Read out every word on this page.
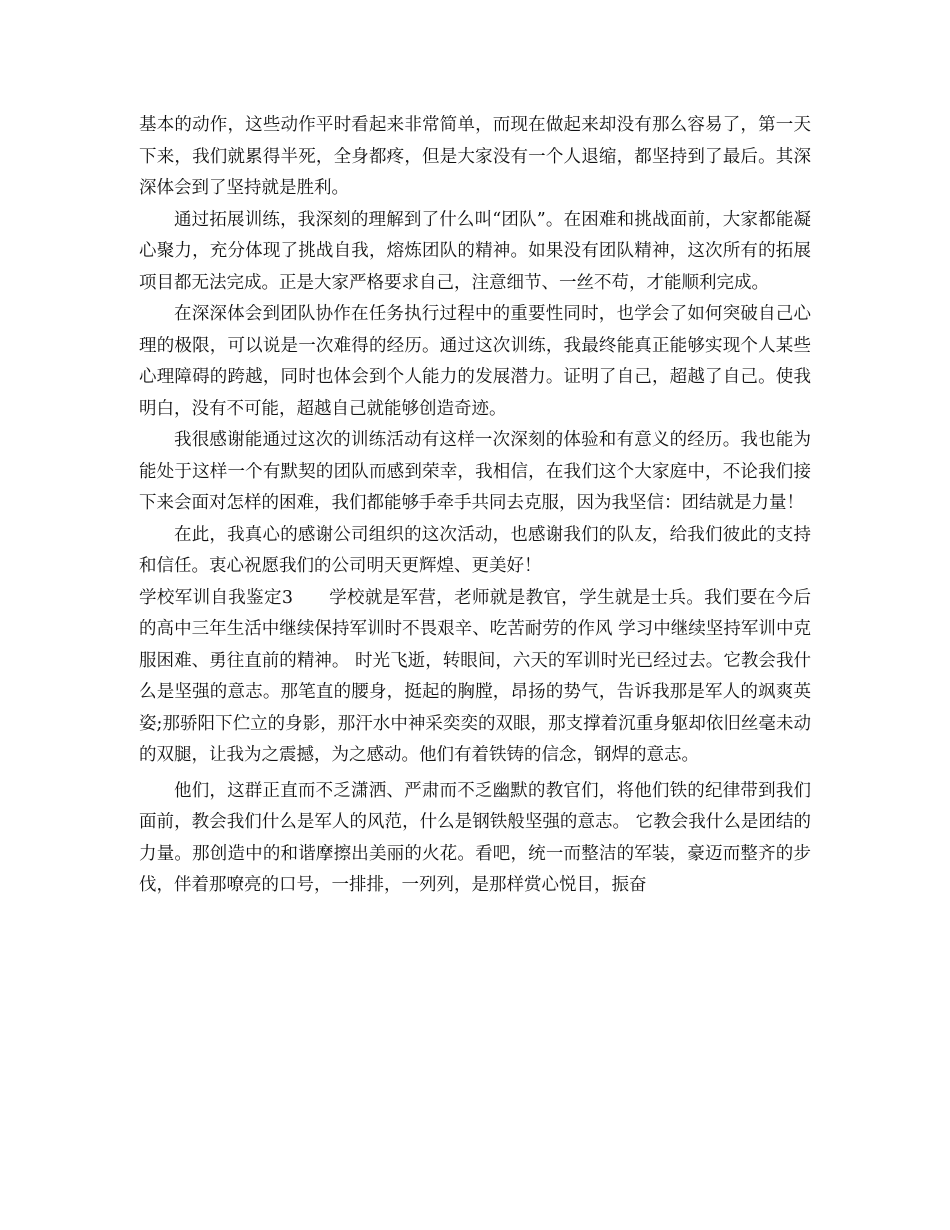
基本的动作，这些动作平时看起来非常简单，而现在做起来却没有那么容易了，第一天下来，我们就累得半死，全身都疼，但是大家没有一个人退缩，都坚持到了最后。其深深体会到了坚持就是胜利。

通过拓展训练，我深刻的理解到了什么叫“团队”。在困难和挑战面前，大家都能凝心聚力，充分体现了挑战自我，熔炼团队的精神。如果没有团队精神，这次所有的拓展项目都无法完成。正是大家严格要求自己，注意细节、一丝不苟，才能顺利完成。

在深深体会到团队协作在任务执行过程中的重要性同时，也学会了如何突破自己心理的极限，可以说是一次难得的经历。通过这次训练，我最终能真正能够实现个人某些心理障碍的跨越，同时也体会到个人能力的发展潜力。证明了自己，超越了自己。使我明白，没有不可能，超越自己就能够创造奇迹。

我很感谢能通过这次的训练活动有这样一次深刻的体验和有意义的经历。我也能为能处于这样一个有默契的团队而感到荣幸，我相信，在我们这个大家庭中，不论我们接下来会面对怎样的困难，我们都能够手牵手共同去克服，因为我坚信：团结就是力量！

在此，我真心的感谢公司组织的这次活动，也感谢我们的队友，给我们彼此的支持和信任。衷心祝愿我们的公司明天更辉煌、更美好！

学校军训自我鉴定3　　学校就是军营，老师就是教官，学生就是士兵。我们要在今后的高中三年生活中继续保持军训时不畏艰辛、吃苦耐劳的作风 学习中继续坚持军训中克服困难、勇往直前的精神。 时光飞逝，转眼间，六天的军训时光已经过去。它教会我什么是坚强的意志。那笔直的腰身，挺起的胸膛，昂扬的势气，告诉我那是军人的飒爽英姿;那骄阳下伫立的身影，那汗水中神采奕奕的双眼，那支撑着沉重身躯却依旧丝毫未动的双腿，让我为之震撼，为之感动。他们有着铁铸的信念，钢焊的意志。

他们，这群正直而不乏潇洒、严肃而不乏幽默的教官们，将他们铁的纪律带到我们面前，教会我们什么是军人的风范，什么是钢铁般坚强的意志。 它教会我什么是团结的力量。那创造中的和谐摩擦出美丽的火花。看吧，统一而整洁的军装，豪迈而整齐的步伐，伴着那嘹亮的口号，一排排，一列列，是那样赏心悦目，振奋
